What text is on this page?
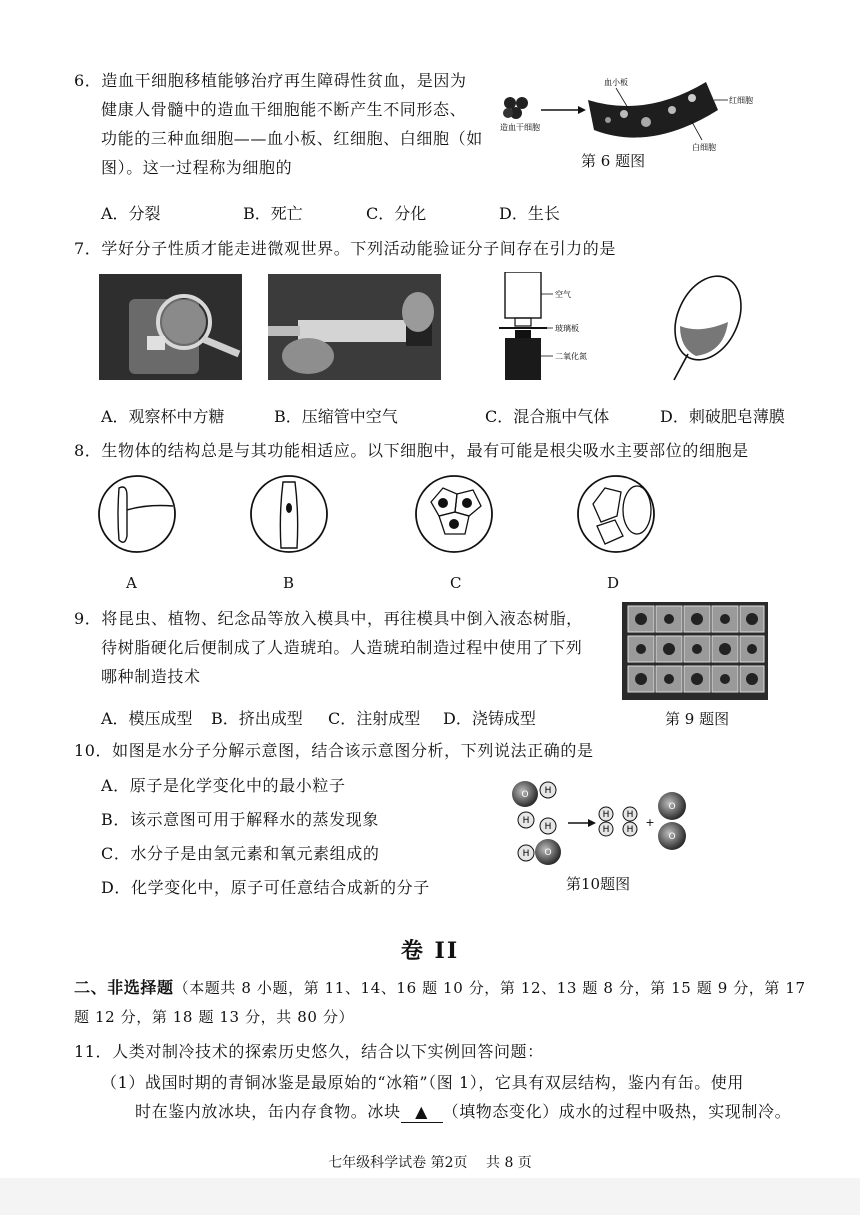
6．造血干细胞移植能够治疗再生障碍性贫血，是因为
健康人骨髓中的造血干细胞能不断产生不同形态、
功能的三种血细胞——血小板、红细胞、白细胞（如
图）。这一过程称为细胞的
A．分裂	B．死亡	C．分化	D．生长
造血干细胞
血小板
红细胞
白细胞
第 6 题图
7．学好分子性质才能走进微观世界。下列活动能验证分子间存在引力的是
空气
玻璃板
二氧化氮
A．观察杯中方糖	B．压缩管中空气	C．混合瓶中气体	D．刺破肥皂薄膜
8．生物体的结构总是与其功能相适应。以下细胞中，最有可能是根尖吸水主要部位的细胞是
A	B	C	D
9．将昆虫、植物、纪念品等放入模具中，再往模具中倒入液态树脂，
待树脂硬化后便制成了人造琥珀。人造琥珀制造过程中使用了下列
哪种制造技术
A．模压成型	B．挤出成型	C．注射成型	D．浇铸成型	第 9 题图
10．如图是水分子分解示意图，结合该示意图分析，下列说法正确的是
A．原子是化学变化中的最小粒子
B．该示意图可用于解释水的蒸发现象
C．水分子是由氢元素和氧元素组成的
D．化学变化中，原子可任意结合成新的分子
O H
H
H
H O
H
H
H
H
+
O
O
第10题图
卷 II
二、非选择题（本题共 8 小题，第 11、14、16 题 10 分，第 12、13 题 8 分，第 15 题 9 分，第 17
题 12 分，第 18 题 13 分，共 80 分）
11．人类对制冷技术的探索历史悠久，结合以下实例回答问题：
（1）战国时期的青铜冰鉴是最原始的“冰箱”（图 1），它具有双层结构，鉴内有缶。使用
时在鉴内放冰块，缶内存食物。冰块 ▲ （填物态变化）成水的过程中吸热，实现制冷。
七年级科学试卷 第2页　 共 8 页
